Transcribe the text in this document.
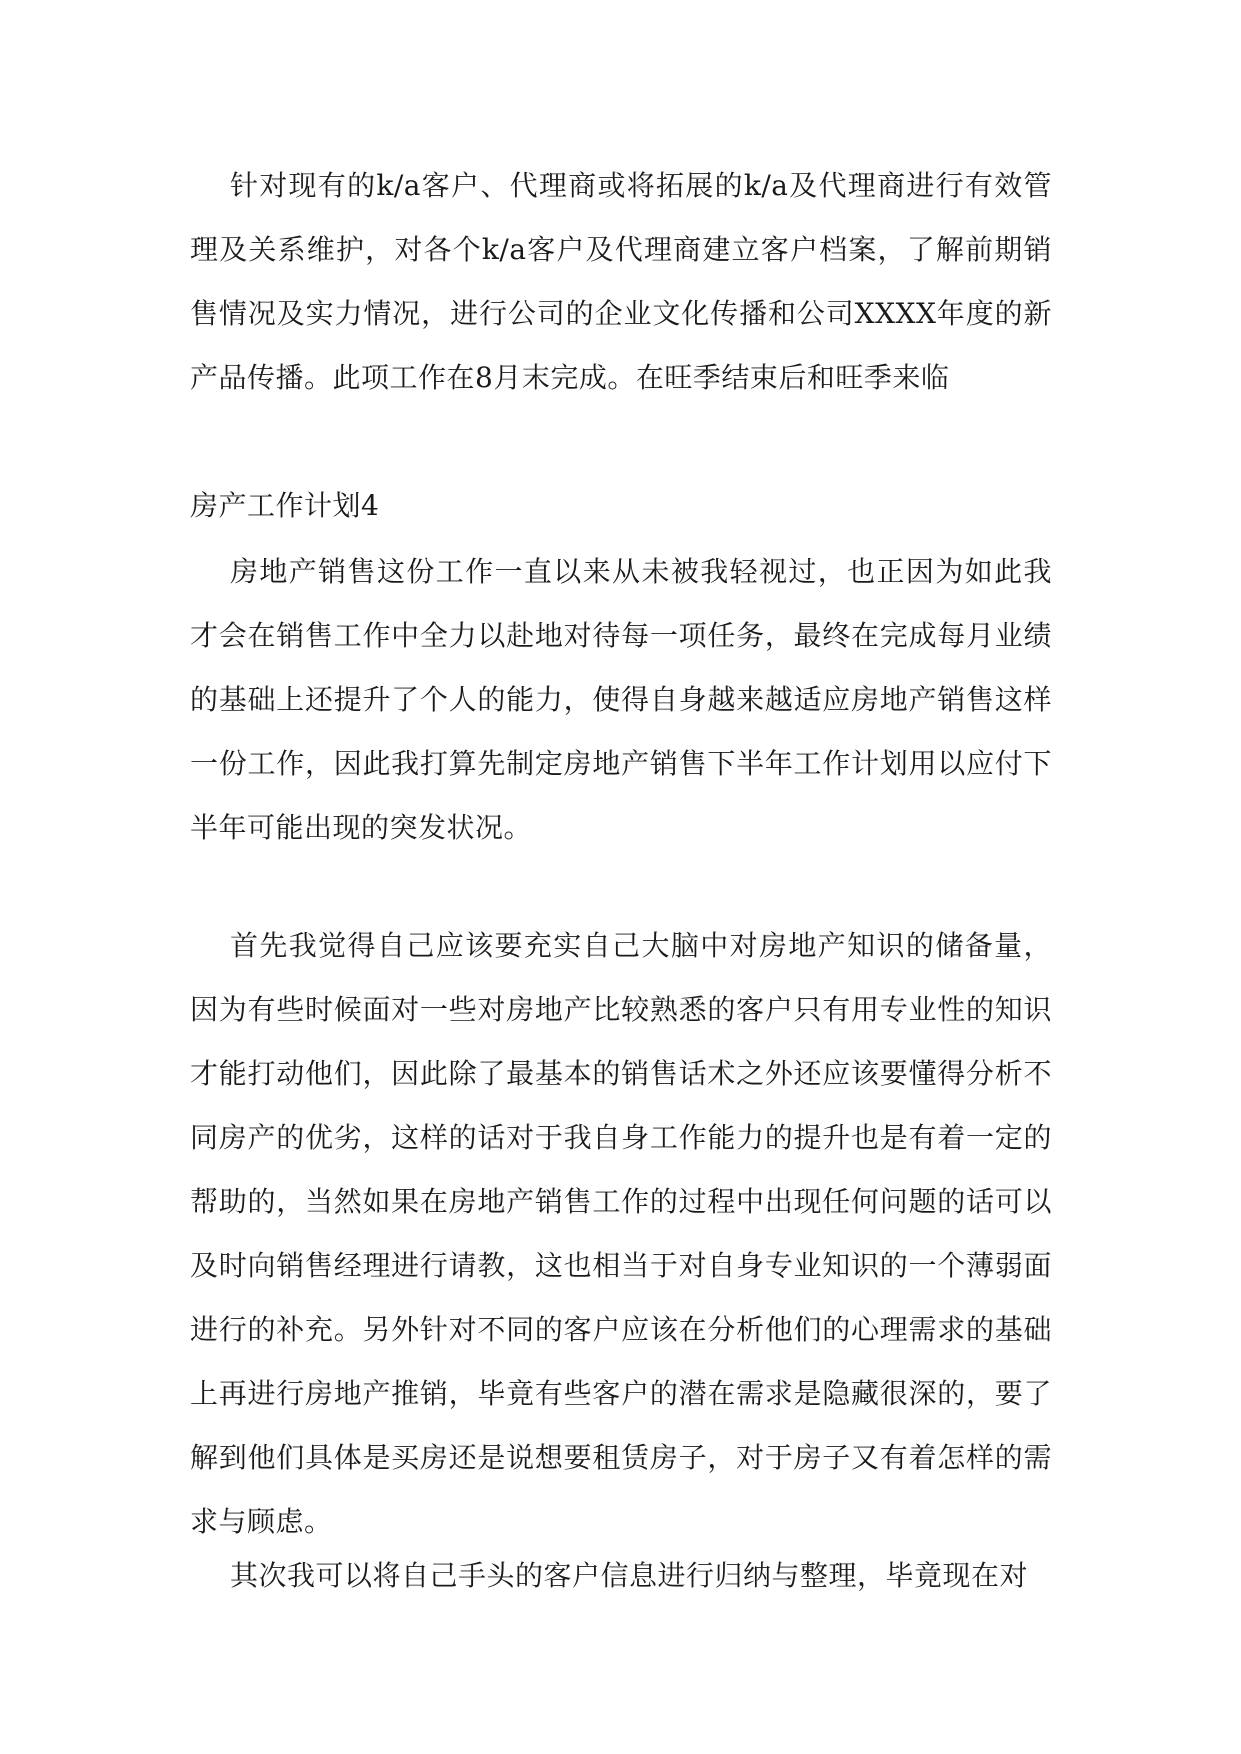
针对现有的k/a客户、代理商或将拓展的k/a及代理商进行有效管理及关系维护，对各个k/a客户及代理商建立客户档案，了解前期销售情况及实力情况，进行公司的企业文化传播和公司XXXX年度的新产品传播。此项工作在8月末完成。在旺季结束后和旺季来临

房产工作计划4

房地产销售这份工作一直以来从未被我轻视过，也正因为如此我才会在销售工作中全力以赴地对待每一项任务，最终在完成每月业绩的基础上还提升了个人的能力，使得自身越来越适应房地产销售这样一份工作，因此我打算先制定房地产销售下半年工作计划用以应付下半年可能出现的突发状况。

首先我觉得自己应该要充实自己大脑中对房地产知识的储备量，因为有些时候面对一些对房地产比较熟悉的客户只有用专业性的知识才能打动他们，因此除了最基本的销售话术之外还应该要懂得分析不同房产的优劣，这样的话对于我自身工作能力的提升也是有着一定的帮助的，当然如果在房地产销售工作的过程中出现任何问题的话可以及时向销售经理进行请教，这也相当于对自身专业知识的一个薄弱面进行的补充。另外针对不同的客户应该在分析他们的心理需求的基础上再进行房地产推销，毕竟有些客户的潜在需求是隐藏很深的，要了解到他们具体是买房还是说想要租赁房子，对于房子又有着怎样的需求与顾虑。

其次我可以将自己手头的客户信息进行归纳与整理，毕竟现在对
